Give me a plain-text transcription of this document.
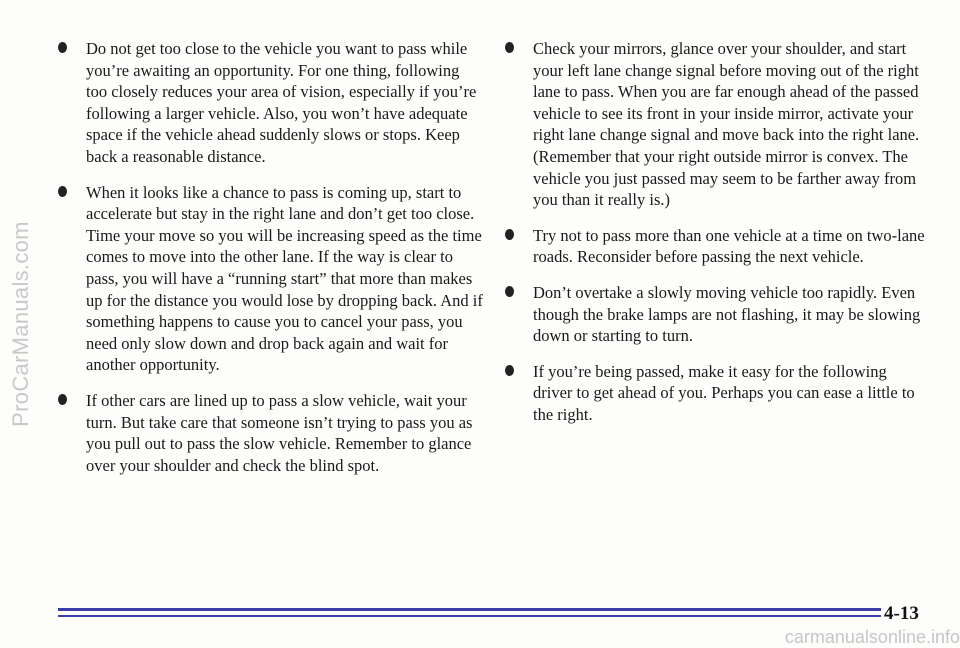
ProCarManuals.com

Do not get too close to the vehicle you want to pass while you’re awaiting an opportunity. For one thing, following too closely reduces your area of vision, especially if you’re following a larger vehicle. Also, you won’t have adequate space if the vehicle ahead suddenly slows or stops. Keep back a reasonable distance.

When it looks like a chance to pass is coming up, start to accelerate but stay in the right lane and don’t get too close. Time your move so you will be increasing speed as the time comes to move into the other lane. If the way is clear to pass, you will have a “running start” that more than makes up for the distance you would lose by dropping back. And if something happens to cause you to cancel your pass, you need only slow down and drop back again and wait for another opportunity.

If other cars are lined up to pass a slow vehicle, wait your turn. But take care that someone isn’t trying to pass you as you pull out to pass the slow vehicle. Remember to glance over your shoulder and check the blind spot.

Check your mirrors, glance over your shoulder, and start your left lane change signal before moving out of the right lane to pass. When you are far enough ahead of the passed vehicle to see its front in your inside mirror, activate your right lane change signal and move back into the right lane. (Remember that your right outside mirror is convex. The vehicle you just passed may seem to be farther away from you than it really is.)

Try not to pass more than one vehicle at a time on two-lane roads. Reconsider before passing the next vehicle.

Don’t overtake a slowly moving vehicle too rapidly. Even though the brake lamps are not flashing, it may be slowing down or starting to turn.

If you’re being passed, make it easy for the following driver to get ahead of you. Perhaps you can ease a little to the right.

4-13
carmanualsonline.info
